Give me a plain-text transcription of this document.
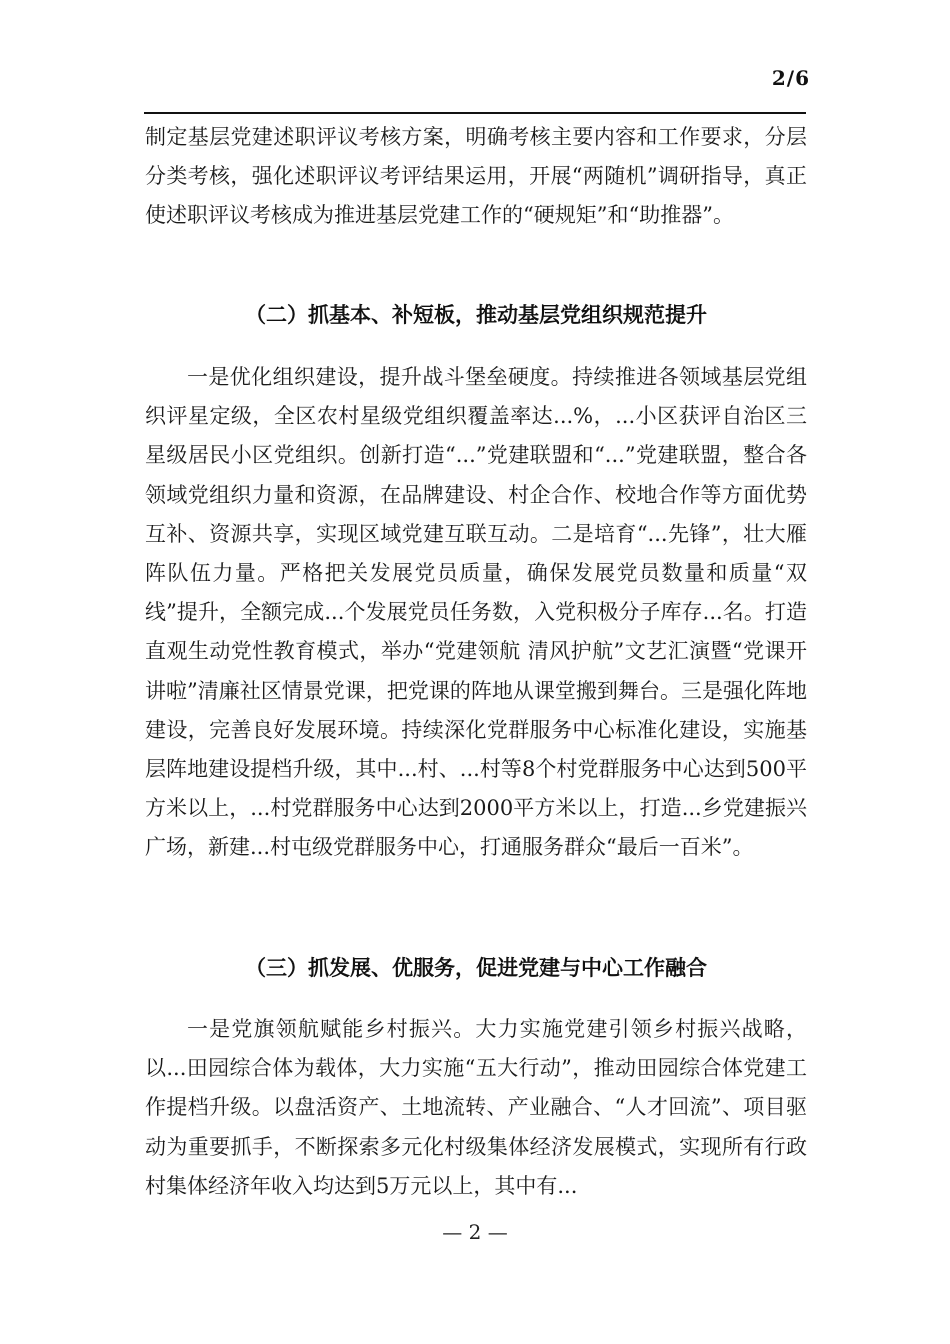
2/6

制定基层党建述职评议考核方案，明确考核主要内容和工作要求，分层分类考核，强化述职评议考评结果运用，开展“两随机”调研指导，真正使述职评议考核成为推进基层党建工作的“硬规矩”和“助推器”。

（二）抓基本、补短板，推动基层党组织规范提升

一是优化组织建设，提升战斗堡垒硬度。持续推进各领域基层党组织评星定级，全区农村星级党组织覆盖率达...%，...小区获评自治区三星级居民小区党组织。创新打造“...”党建联盟和“...”党建联盟，整合各领域党组织力量和资源，在品牌建设、村企合作、校地合作等方面优势互补、资源共享，实现区域党建互联互动。二是培育“...先锋”，壮大雁阵队伍力量。严格把关发展党员质量，确保发展党员数量和质量“双线”提升，全额完成...个发展党员任务数，入党积极分子库存...名。打造直观生动党性教育模式，举办“党建领航 清风护航”文艺汇演暨“党课开讲啦”清廉社区情景党课，把党课的阵地从课堂搬到舞台。三是强化阵地建设，完善良好发展环境。持续深化党群服务中心标准化建设，实施基层阵地建设提档升级，其中...村、...村等8个村党群服务中心达到500平方米以上，...村党群服务中心达到2000平方米以上，打造...乡党建振兴广场，新建...村屯级党群服务中心，打通服务群众“最后一百米”。

（三）抓发展、优服务，促进党建与中心工作融合

一是党旗领航赋能乡村振兴。大力实施党建引领乡村振兴战略，以...田园综合体为载体，大力实施“五大行动”，推动田园综合体党建工作提档升级。以盘活资产、土地流转、产业融合、“人才回流”、项目驱动为重要抓手，不断探索多元化村级集体经济发展模式，实现所有行政村集体经济年收入均达到5万元以上，其中有...

— 2 —
